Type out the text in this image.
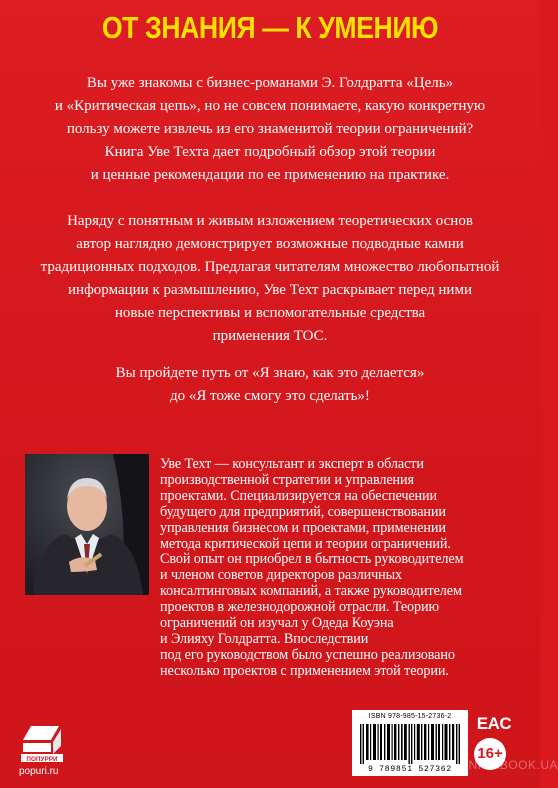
ОТ ЗНАНИЯ — К УМЕНИЮ

Вы уже знакомы с бизнес-романами Э. Голдратта «Цель»
и «Критическая цепь», но не совсем понимаете, какую конкретную
пользу можете извлечь из его знаменитой теории ограничений?
Книга Уве Техта дает подробный обзор этой теории
и ценные рекомендации по ее применению на практике.

Наряду с понятным и живым изложением теоретических основ
автор наглядно демонстрирует возможные подводные камни
традиционных подходов. Предлагая читателям множество любопытной
информации к размышлению, Уве Техт раскрывает перед ними
новые перспективы и вспомогательные средства
применения ТОС.

Вы пройдете путь от «Я знаю, как это делается»
до «Я тоже смогу это сделать»!

Уве Техт — консультант и эксперт в области
производственной стратегии и управления
проектами. Специализируется на обеспечении
будущего для предприятий, совершенствовании
управления бизнесом и проектами, применении
метода критической цепи и теории ограничений.
Свой опыт он приобрел в бытность руководителем
и членом советов директоров различных
консалтинговых компаний, а также руководителем
проектов в железнодорожной отрасли. Теорию
ограничений он изучал у Одеда Коуэна
и Элияху Голдратта. Впоследствии
под его руководством было успешно реализовано
несколько проектов с применением этой теории.
ПОПУРРИ
popuri.ru
ISBN 978-985-15-2736-2
9 789851 527362
EAC
16+
KNIGABOOK.UA
